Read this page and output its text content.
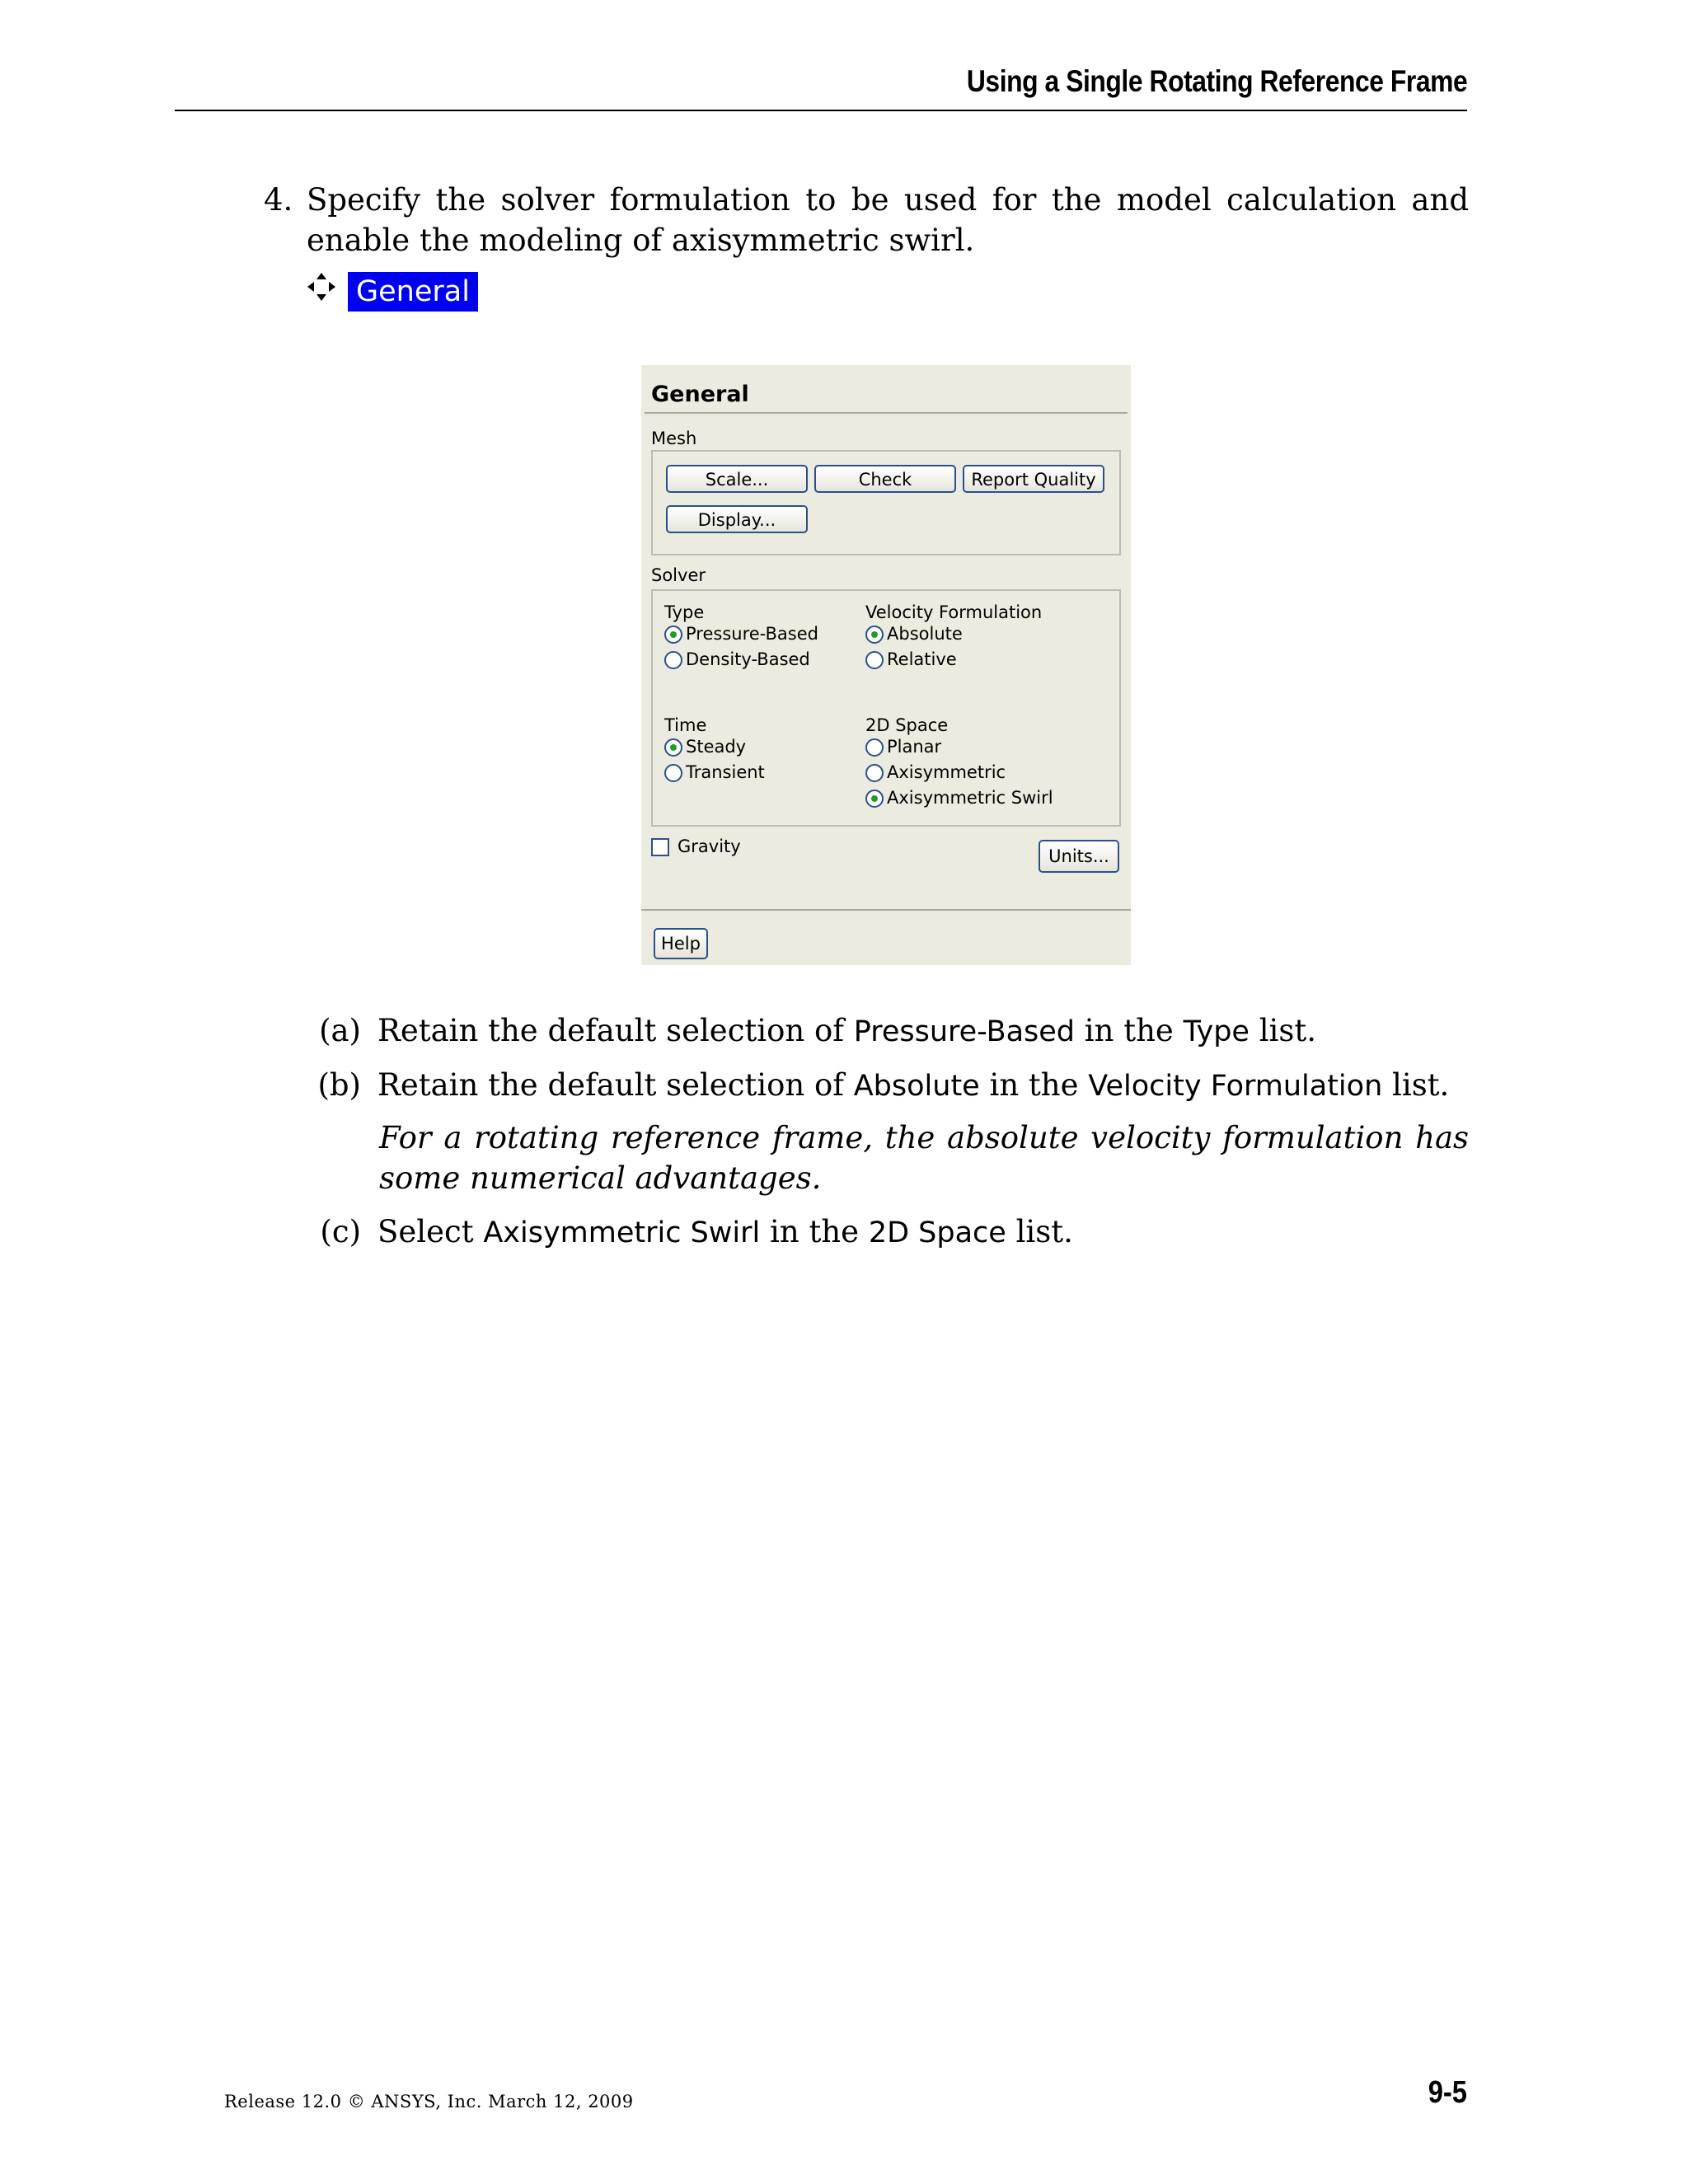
Using a Single Rotating Reference Frame
4. Specify the solver formulation to be used for the model calculation and enable the modeling of axisymmetric swirl.
General
General
Mesh
Scale...	Check	Report Quality
Display...
Solver
Type
Pressure-Based
Density-Based
Velocity Formulation
Absolute
Relative
Time
Steady
Transient
2D Space
Planar
Axisymmetric
Axisymmetric Swirl
Gravity	Units...
Help
(a) Retain the default selection of Pressure-Based in the Type list.
(b) Retain the default selection of Absolute in the Velocity Formulation list.
For a rotating reference frame, the absolute velocity formulation has some numerical advantages.
(c) Select Axisymmetric Swirl in the 2D Space list.
Release 12.0 © ANSYS, Inc. March 12, 2009	9-5
